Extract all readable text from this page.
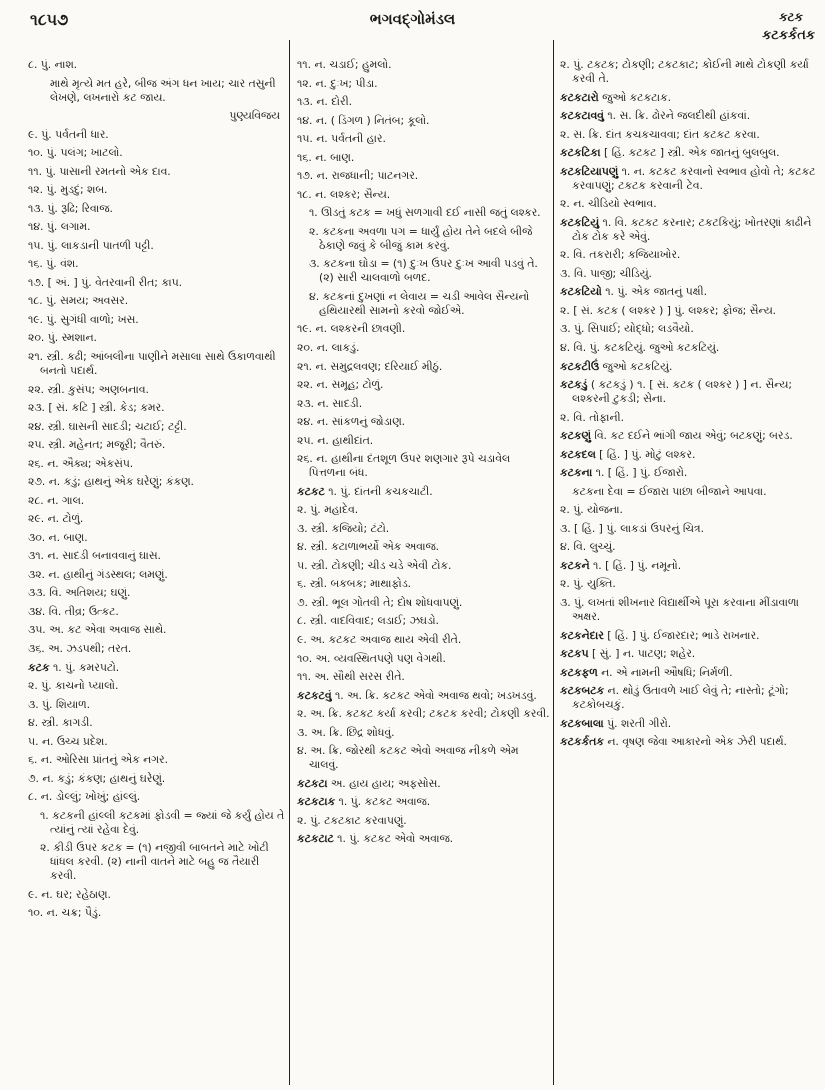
૧૮૫૭	ભગવદ્ગોમંડલ	કટક
કટકર્કતક
૮. પું. નાશ.
માથે મૃત્યે મત હરે, બીજ અંગ ધન ખાય; ચાર તસુની લેખણે, લખનારો કટ જાય.
પુણ્યવિજય
૯. પું. પર્વતની ધાર.
૧૦. પું. પલંગ; ખાટલો.
૧૧. પું. પાસાની રમતનો એક દાવ.
૧૨. પું. મુડદું; શબ.
૧૩. પું. રૂઢિ; રિવાજ.
૧૪. પું. લગામ.
૧૫. પું. લાકડાની પાતળી પટ્ટી.
૧૬. પું. વંશ.
૧૭. [ અં. ] પું. વેતરવાની રીત; કાપ.
૧૮. પું. સમય; અવસર.
૧૯. પું. સુગંધી વાળો; ખસ.
૨૦. પું. સ્મશાન.
૨૧. સ્ત્રી. કઢી; આંબલીના પાણીને મસાલા સાથે ઉકાળવાથી બનતો પદાર્થ.
૨૨. સ્ત્રી. કુસંપ; અણબનાવ.
૨૩. [ સં. કટિ ] સ્ત્રી. કેડ; કમર.
૨૪. સ્ત્રી. ઘાસની સાદડી; ચટાઈ; ટટ્ટી.
૨૫. સ્ત્રી. મહેનત; મજૂરી; વૈતરું.
૨૬. ન. ઐક્ય; એકસંપ.
૨૭. ન. કડું; હાથનું એક ઘરેણું; કંકણ.
૨૮. ન. ગાલ.
૨૯. ન. ટોળું.
૩૦. ન. બાણ.
૩૧. ન. સાદડી બનાવવાનું ઘાસ.
૩૨. ન. હાથીનું ગંડસ્થલ; લમણું.
૩૩. વિ. અતિશય; ઘણું.
૩૪. વિ. તીવ્ર; ઉત્કટ.
૩૫. અ. કટ એવા અવાજ સાથે.
૩૬. અ. ઝડપથી; તરત.
કટક ૧. પું. કમરપટો.
૨. પું. કાચનો પ્યાલો.
૩. પું. શિયાળ.
૪. સ્ત્રી. કાગડી.
૫. ન. ઉચ્ચ પ્રદેશ.
૬. ન. ઓરિસા પ્રાંતનું એક નગર.
૭. ન. કડું; કંકણ; હાથનું ઘરેણું.
૮. ન. ડોલ્લું; ખોખું; હાંલ્લું.
૧. કટકની હાંલ્લી કટકમાં ફોડવી = જ્યાં જે કર્યું હોય તે ત્યાંનું ત્યાં રહેવા દેવું.
૨. કીડી ઉપર કટક = (૧) નજીવી બાબતને માટે ખોટી ધાંધલ કરવી. (૨) નાની વાતને માટે બહુ જ તૈયારી કરવી.
૯. ન. ઘર; રહેઠાણ.
૧૦. ન. ચક્ર; પૈડું.
૧૧. ન. ચડાઈ; હુમલો.
૧૨. ન. દુઃખ; પીડા.
૧૩. ન. દોરી.
૧૪. ન. ( ડિંગળ ) નિતંબ; કૂલો.
૧૫. ન. પર્વતની હાર.
૧૬. ન. બાણ.
૧૭. ન. રાજધાની; પાટનગર.
૧૮. ન. લશ્કર; સૈન્ય.
૧. ઊડતું કટક = ખધું સળગાવી દઈ નાસી જતું લશ્કર.
૨. કટકના અવળા પગ = ધાર્યું હોય તેને બદલે બીજે ઠેકાણે જવું કે બીજું કામ કરવું.
૩. કટકના ઘોડા = (૧) દુઃખ ઉપર દુઃખ આવી પડવું તે. (૨) સારી ચાલવાળો બળદ.
૪. કટકનાં દુખણાં ન લેવાય = ચડી આવેલ સૈન્યનો હથિયારથી સામનો કરવો જોઈએ.
૧૯. ન. લશ્કરની છાવણી.
૨૦. ન. લાકડું.
૨૧. ન. સમુદ્રલવણ; દરિયાઈ મીઠું.
૨૨. ન. સમૂહ; ટોળું.
૨૩. ન. સાદડી.
૨૪. ન. સાંકળનું જોડાણ.
૨૫. ન. હાથીદાંત.
૨૬. ન. હાથીના દંતશૂળ ઉપર શણગાર રૂપે ચડાવેલ પિત્તળના બંધ.
કટકટ ૧. પું. દાંતની કચકચાટી.
૨. પું. મહાદેવ.
૩. સ્ત્રી. કજિયો; ટંટો.
૪. સ્ત્રી. કટાળાભર્યો એક અવાજ.
૫. સ્ત્રી. ટોકણી; ચીડ ચડે એવી ટોક.
૬. સ્ત્રી. બકબક; માથાફોડ.
૭. સ્ત્રી. ભૂલ ગોતવી તે; દોષ શોધવાપણું.
૮. સ્ત્રી. વાદવિવાદ; લડાઈ; ઝઘડો.
૯. અ. કટકટ અવાજ થાય એવી રીતે.
૧૦. અ. વ્યવસ્થિતપણે પણ વેગથી.
૧૧. અ. સૌથી સરસ રીતે.
કટકટવું ૧. અ. ક્રિ. કટકટ એવો અવાજ થવો; ખડખડવું.
૨. અ. ક્રિ. કટકટ કર્યા કરવી; ટકટક કરવી; ટોકણી કરવી.
૩. અ. ક્રિ. છિદ્ર શોધવું.
૪. અ. ક્રિ. જોરથી કટકટ એવો અવાજ નીકળે એમ ચાલવું.
કટકટા અ. હાય હાય; અફસોસ.
કટકટાક ૧. પું. કટકટ અવાજ.
૨. પું. ટકટકાટ કરવાપણું.
કટકટાટ ૧. પું. કટકટ એવો અવાજ.
૨. પું. ટકટક; ટોકણી; ટકટકાટ; કોઈની માથે ટોકણી કર્યા કરવી તે.
કટકટારો જુઓ કટકટાક.
કટકટાવવું ૧. સ. ક્રિ. ઢોરને જલદીથી હાંકવાં.
૨. સ. ક્રિ. દાંત કચકચાવવા; દાંત કટકટ કરવા.
કટકટિકા [ હિં. કટકટ ] સ્ત્રી. એક જાતનું બુલબુલ.
કટકટિયાપણું ૧. ન. કટકટ કરવાનો સ્વભાવ હોવો તે; કટકટ કરવાપણું; ટકટક કરવાની ટેવ.
૨. ન. ચીડિયો સ્વભાવ.
કટકટિયું ૧. વિ. કટકટ કરનાર; ટકટકિયું; ખોતરણાં કાઢીને ટોક ટોક કરે એવું.
૨. વિ. તકરારી; કજિયાખોર.
૩. વિ. પાજી; ચીડિયું.
કટકટિયો ૧. પું. એક જાતનું પક્ષી.
૨. [ સં. કટક ( લશ્કર ) ] પું. લશ્કર; ફોજ; સૈન્ય.
૩. પું. સિપાઈ; યોદ્ધો; લડવૈયો.
૪. વિ. પું. કટકટિયું. જુઓ કટકટિયું.
કટકટીઉં જુઓ કટકટિયું.
કટકડું ( કટકડું ) ૧. [ સં. કટક ( લશ્કર ) ] ન. સૈન્ય; લશ્કરની ટુકડી; સેના.
૨. વિ. તોફાની.
કટકણું વિ. કટ દઈને ભાંગી જાય એવું; બટકણું; બરડ.
કટકદલ [ હિં. ] પું. મોટું લશ્કર.
કટકના ૧. [ હિં. ] પું. ઈજારો.
કટકના દેવા = ઈજારા પાછા બીજાને આપવા.
૨. પું. યોજના.
૩. [ હિં. ] પું. લાકડાં ઉપરનું ચિત્ર.
૪. વિ. લુચ્ચું.
કટકને ૧. [ હિં. ] પું. નમૂનો.
૨. પું. યુક્તિ.
૩. પું. લખતાં શીખનાર વિદ્યાર્થીએ પૂરા કરવાના મીંડાવાળા અક્ષર.
કટકનેદાર [ હિં. ] પું. ઈજારદાર; ભાડે રાખનાર.
કટકપ [ સું. ] ન. પાટણ; શહેર.
કટકફળ ન. એ નામની ઔષધિ; નિર્મળી.
કટકબટક ન. થોડું ઉતાવળે ખાઈ લેવું તે; નાસ્તો; ટૂંગો; કટકોબચકું.
કટકબાલા પું. શરતી ગીરો.
કટકર્કતક ન. વૃષણ જેવા આકારનો એક ઝેરી પદાર્થ.
